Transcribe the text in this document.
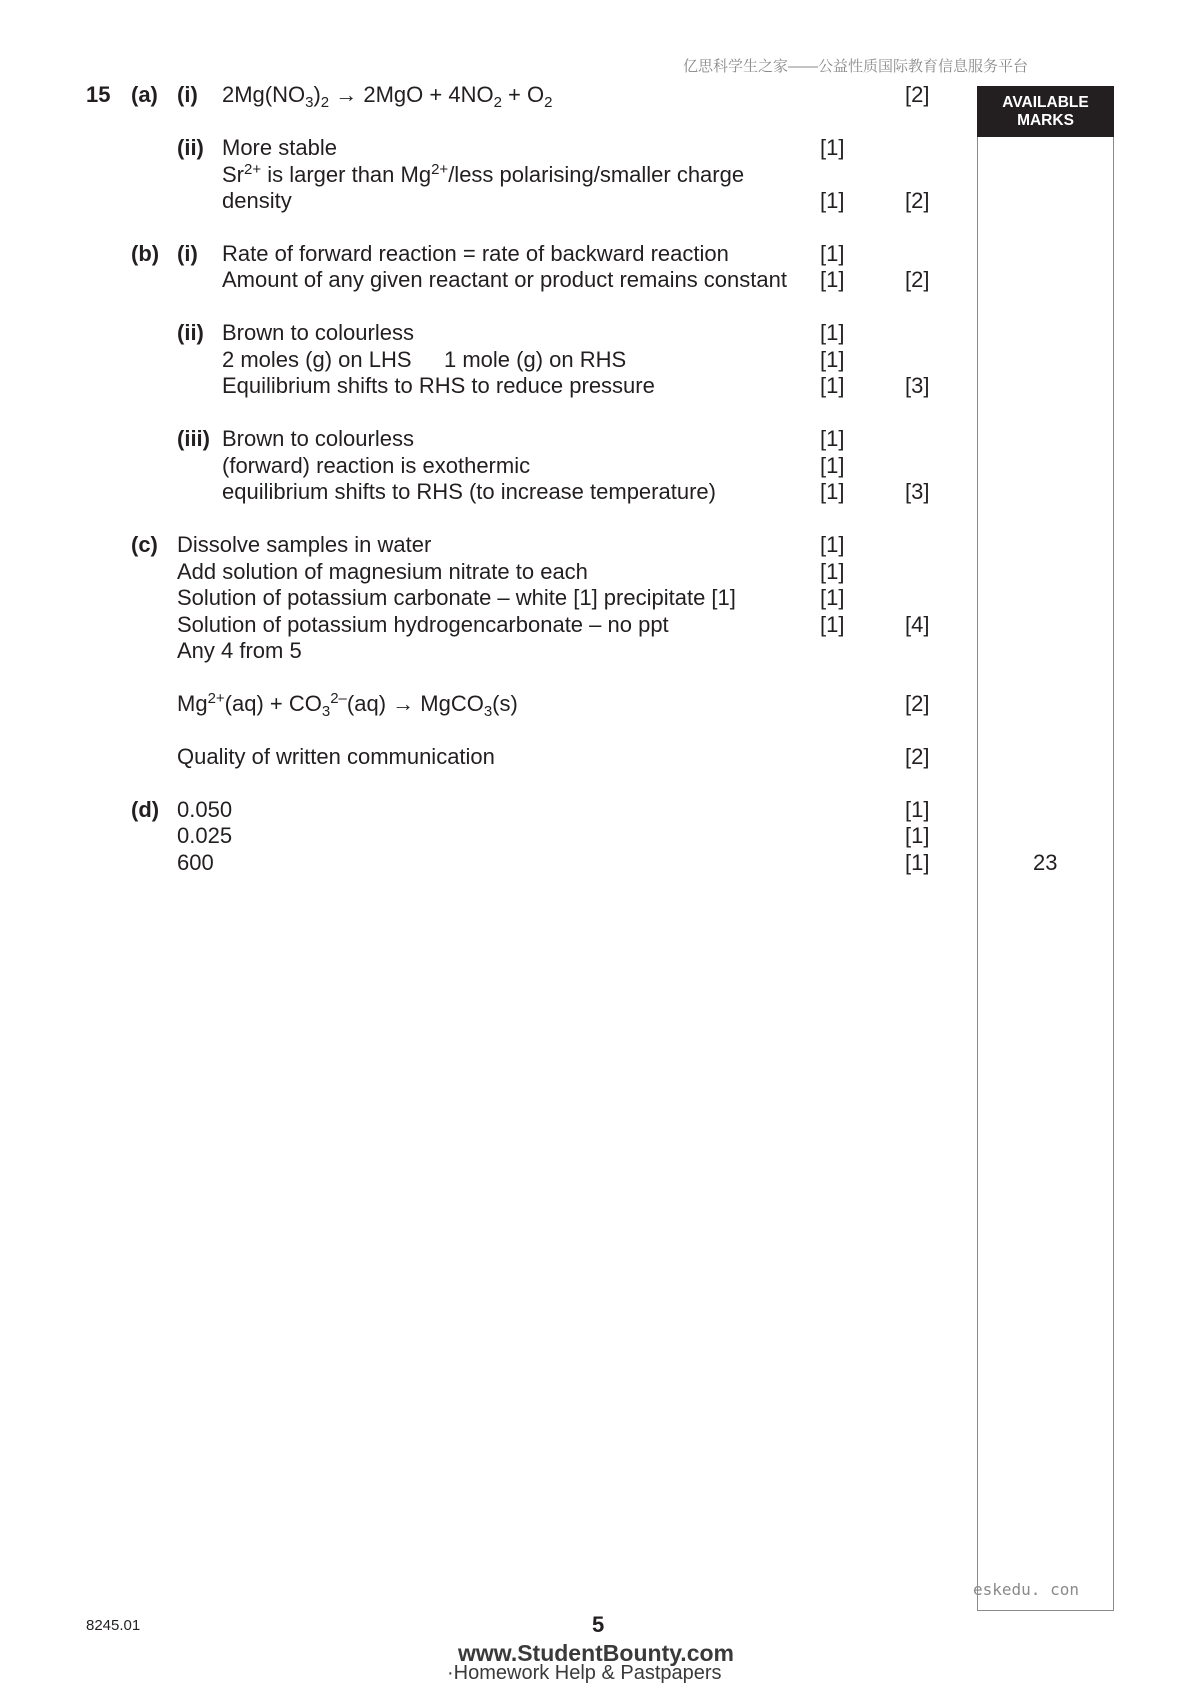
亿思科学生之家——公益性质国际教育信息服务平台
AVAILABLE
MARKS
15 (a) (i) $2Mg(NO_3)_2 \to 2MgO + 4NO_2 + O_2$	[2]
(ii) More stable	[1]
$Sr^{2+}$ is larger than $Mg^{2+}$/less polarising/smaller charge
density	[1]	[2]
(b) (i) Rate of forward reaction = rate of backward reaction	[1]
Amount of any given reactant or product remains constant [1]	[2]
(ii) Brown to colourless	[1]
2 moles (g) on LHS 1 mole (g) on RHS	[1]
Equilibrium shifts to RHS to reduce pressure	[1]	[3]
(iii) Brown to colourless	[1]
(forward) reaction is exothermic	[1]
equilibrium shifts to RHS (to increase temperature)	[1]	[3]
(c) Dissolve samples in water	[1]
Add solution of magnesium nitrate to each	[1]
Solution of potassium carbonate – white [1] precipitate [1]	[1]
Solution of potassium hydrogencarbonate – no ppt	[1]	[4]
Any 4 from 5
$Mg^{2+}(aq) + CO_3^{2-}(aq)$ → MgCO$_3$(s)	[2]
Quality of written communication	[2]
(d) 0.050	[1]
0.025	[1]
600	[1]	23
eskedu. con
8245.01	5
www.StudentBounty.com
·Homework Help & Pastpapers
